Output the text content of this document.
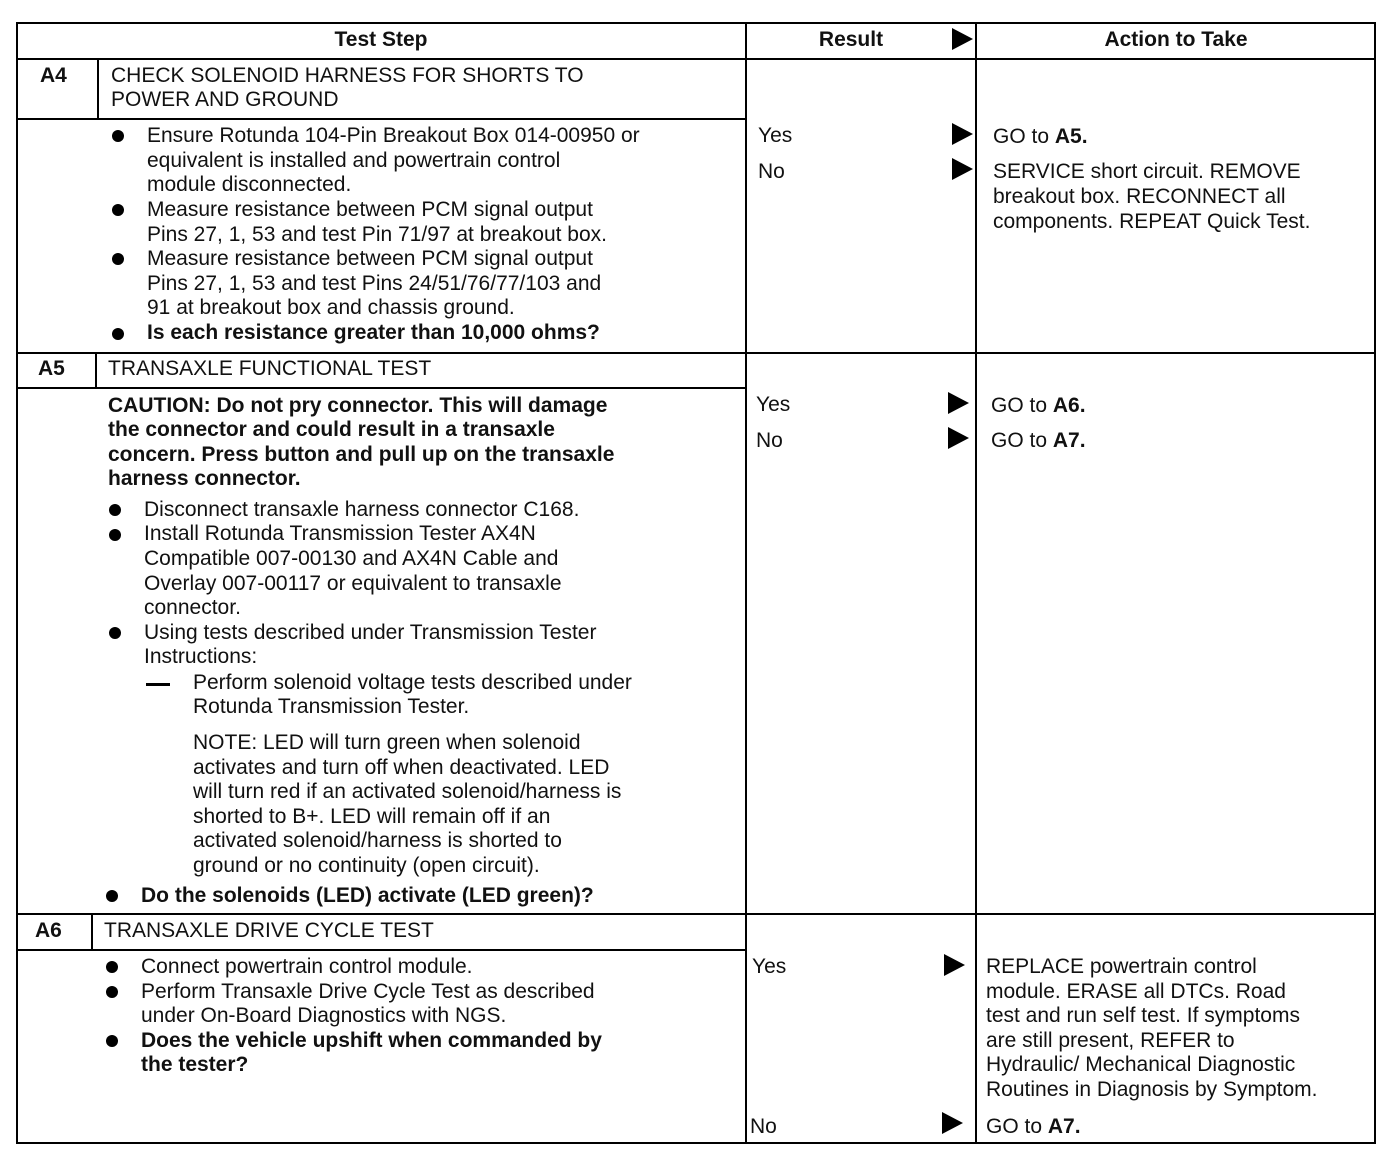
Test Step	Result	Action to Take
A4 CHECK SOLENOID HARNESS FOR SHORTS TO
POWER AND GROUND
Ensure Rotunda 104-Pin Breakout Box 014-00950 or
equivalent is installed and powertrain control
module disconnected.
Measure resistance between PCM signal output
Pins 27, 1, 53 and test Pin 71/97 at breakout box.
Measure resistance between PCM signal output
Pins 27, 1, 53 and test Pins 24/51/76/77/103 and
91 at breakout box and chassis ground.
Is each resistance greater than 10,000 ohms?
Yes
No
GO to A5.
SERVICE short circuit. REMOVE
breakout box. RECONNECT all
components. REPEAT Quick Test.
A5 TRANSAXLE FUNCTIONAL TEST
CAUTION: Do not pry connector. This will damage
the connector and could result in a transaxle
concern. Press button and pull up on the transaxle
harness connector.
Disconnect transaxle harness connector C168.
Install Rotunda Transmission Tester AX4N
Compatible 007-00130 and AX4N Cable and
Overlay 007-00117 or equivalent to transaxle
connector.
Using tests described under Transmission Tester
Instructions:
Perform solenoid voltage tests described under
Rotunda Transmission Tester.
NOTE: LED will turn green when solenoid
activates and turn off when deactivated. LED
will turn red if an activated solenoid/harness is
shorted to B+. LED will remain off if an
activated solenoid/harness is shorted to
ground or no continuity (open circuit).
Do the solenoids (LED) activate (LED green)?
Yes
No
GO to A6.
GO to A7.
A6 TRANSAXLE DRIVE CYCLE TEST
Connect powertrain control module.
Perform Transaxle Drive Cycle Test as described
under On-Board Diagnostics with NGS.
Does the vehicle upshift when commanded by
the tester?
Yes
No
REPLACE powertrain control
module. ERASE all DTCs. Road
test and run self test. If symptoms
are still present, REFER to
Hydraulic/ Mechanical Diagnostic
Routines in Diagnosis by Symptom.
GO to A7.
